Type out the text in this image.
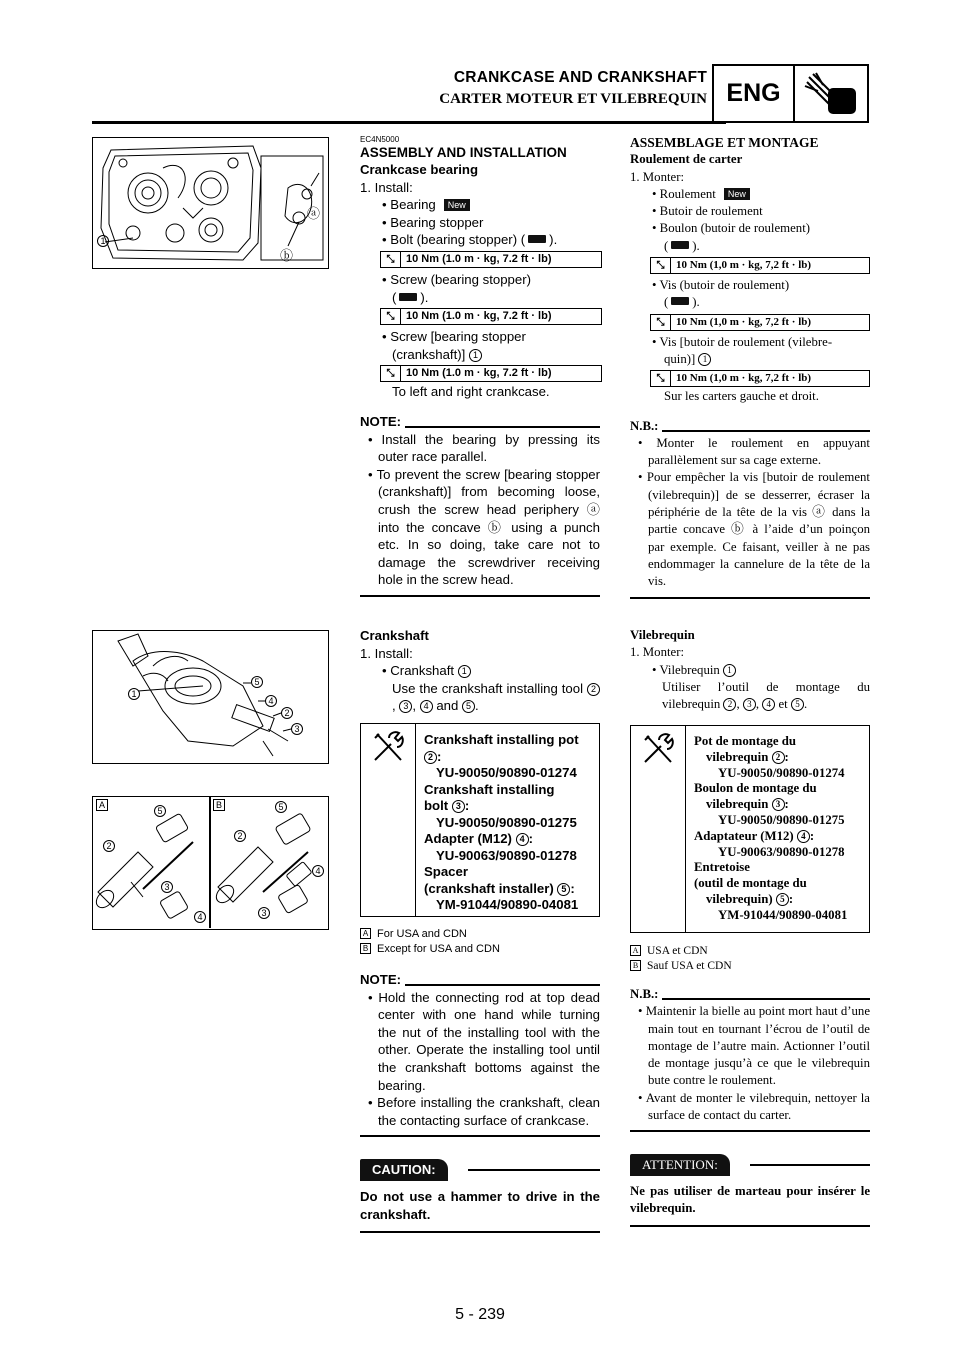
CRANKCASE AND CRANKSHAFT
CARTER MOTEUR ET VILEBREQUIN ENG
1
ⓐ
ⓑ
1
5
4
2
3
A	B
5
2
3
4
5
2
4
3
EC4N5000
ASSEMBLY AND INSTALLATION
Crankcase bearing
1. Install:
• Bearing New
• Bearing stopper
• Bolt (bearing stopper) ( ).
⤡	10 Nm (1.0 m · kg, 7.2 ft · lb)
• Screw (bearing stopper)
( ).
⤡	10 Nm (1.0 m · kg, 7.2 ft · lb)
• Screw [bearing stopper
(crankshaft)] 1
⤡	10 Nm (1.0 m · kg, 7.2 ft · lb)
To left and right crankcase.
NOTE:
• Install the bearing by pressing its outer race parallel.
• To prevent the screw [bearing stopper (crankshaft)] from becoming loose, crush the screw head periphery ⓐ into the concave ⓑ using a punch etc. In so doing, take care not to damage the screwdriver receiving hole in the screw head.
Crankshaft
1. Install:
• Crankshaft 1
Use the crankshaft installing tool 2, 3 , 4 and 5 .
Crankshaft installing pot
2 :
YU-90050/90890-01274
Crankshaft installing
bolt 3 :
YU-90050/90890-01275
Adapter (M12) 4 :
YU-90063/90890-01278
Spacer
(crankshaft installer) 5 :
YM-91044/90890-04081
A For USA and CDN
B Except for USA and CDN
NOTE:
• Hold the connecting rod at top dead center with one hand while turning the nut of the installing tool with the other. Operate the installing tool until the crankshaft bottoms against the bearing.
• Before installing the crankshaft, clean the contacting surface of crankcase.
CAUTION:
Do not use a hammer to drive in the crankshaft.
ASSEMBLAGE ET MONTAGE
Roulement de carter
1. Monter:
• Roulement New
• Butoir de roulement
• Boulon (butoir de roulement)
( ).
⤡	10 Nm (1,0 m · kg, 7,2 ft · lb)
• Vis (butoir de roulement)
( ).
⤡	10 Nm (1,0 m · kg, 7,2 ft · lb)
• Vis [butoir de roulement (vilebre-
quin)] 1
⤡	10 Nm (1,0 m · kg, 7,2 ft · lb)
Sur les carters gauche et droit.
N.B.:
• Monter le roulement en appuyant parallèlement sur sa cage externe.
• Pour empêcher la vis [butoir de roulement (vilebrequin)] de se desserrer, écraser la périphérie de la tête de la vis ⓐ dans la partie concave ⓑ à l’aide d’un poinçon par exemple. Ce faisant, veiller à ne pas endommager la cannelure de la tête de la vis.
Vilebrequin
1. Monter:
• Vilebrequin 1
Utiliser l’outil de montage du vilebrequin 2 , 3 , 4 et 5 .
Pot de montage du
vilebrequin 2 :
YU-90050/90890-01274
Boulon de montage du
vilebrequin 3 :
YU-90050/90890-01275
Adaptateur (M12) 4 :
YU-90063/90890-01278
Entretoise
(outil de montage du
vilebrequin) 5 :
YM-91044/90890-04081
A USA et CDN
B Sauf USA et CDN
N.B.:
• Maintenir la bielle au point mort haut d’une main tout en tournant l’écrou de l’outil de montage de l’autre main. Actionner l’outil de montage jusqu’à ce que le vilebrequin bute contre le roulement.
• Avant de monter le vilebrequin, nettoyer la surface de contact du carter.
ATTENTION:
Ne pas utiliser de marteau pour insérer le vilebrequin.
5 - 239
